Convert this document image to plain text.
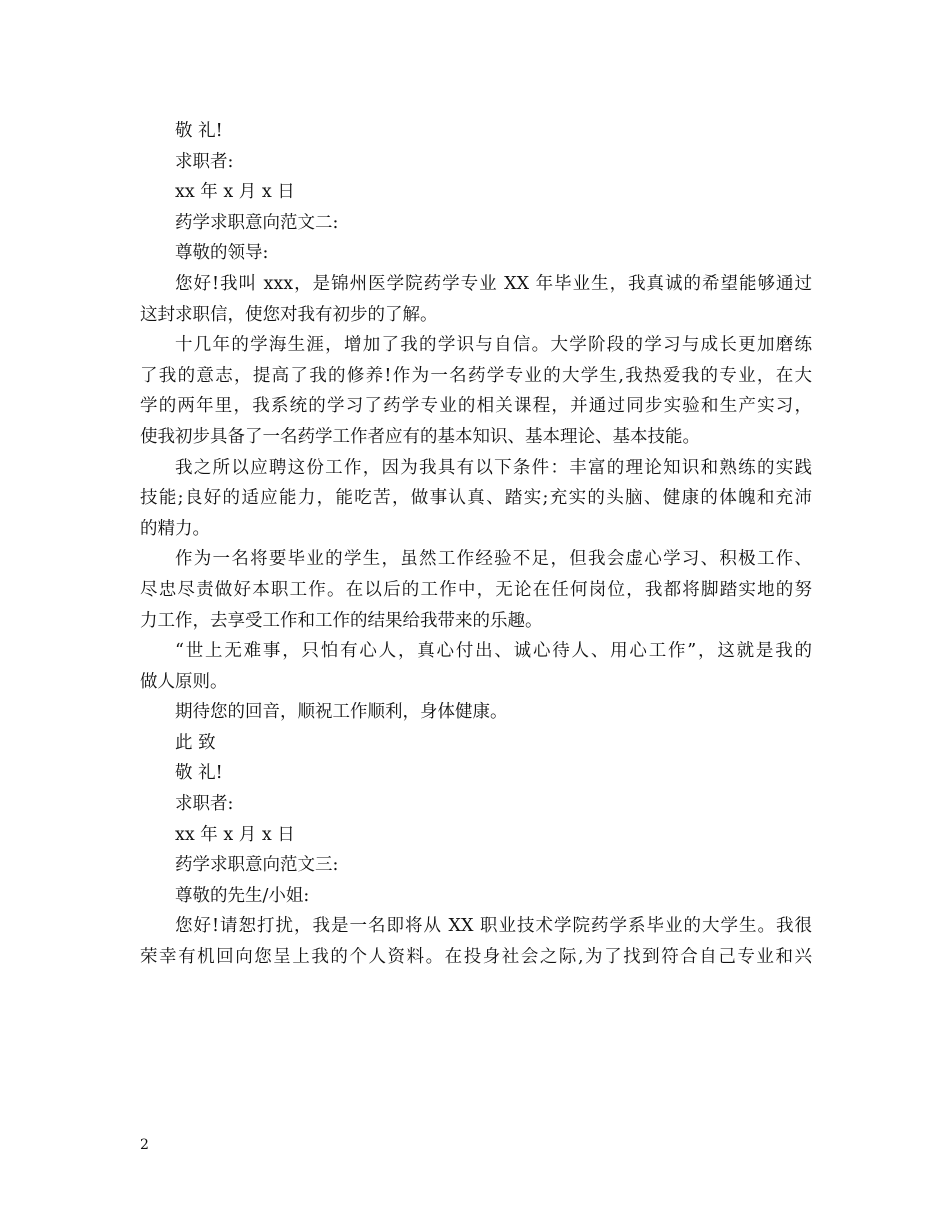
敬 礼!
求职者:
xx 年 x 月 x 日
药学求职意向范文二:
尊敬的领导:
您好!我叫 xxx，是锦州医学院药学专业 XX 年毕业生，我真诚的希望能够通过
这封求职信，使您对我有初步的了解。
十几年的学海生涯，增加了我的学识与自信。大学阶段的学习与成长更加磨练
了我的意志，提高了我的修养!作为一名药学专业的大学生,我热爱我的专业，在大
学的两年里，我系统的学习了药学专业的相关课程，并通过同步实验和生产实习，
使我初步具备了一名药学工作者应有的基本知识、基本理论、基本技能。
我之所以应聘这份工作，因为我具有以下条件：丰富的理论知识和熟练的实践
技能;良好的适应能力，能吃苦，做事认真、踏实;充实的头脑、健康的体魄和充沛
的精力。
作为一名将要毕业的学生，虽然工作经验不足，但我会虚心学习、积极工作、
尽忠尽责做好本职工作。在以后的工作中，无论在任何岗位，我都将脚踏实地的努
力工作，去享受工作和工作的结果给我带来的乐趣。
“世上无难事，只怕有心人，真心付出、诚心待人、用心工作”，这就是我的
做人原则。
期待您的回音，顺祝工作顺利，身体健康。
此 致
敬 礼!
求职者:
xx 年 x 月 x 日
药学求职意向范文三:
尊敬的先生/小姐:
您好!请恕打扰，我是一名即将从 XX 职业技术学院药学系毕业的大学生。我很
荣幸有机回向您呈上我的个人资料。在投身社会之际,为了找到符合自己专业和兴
2
